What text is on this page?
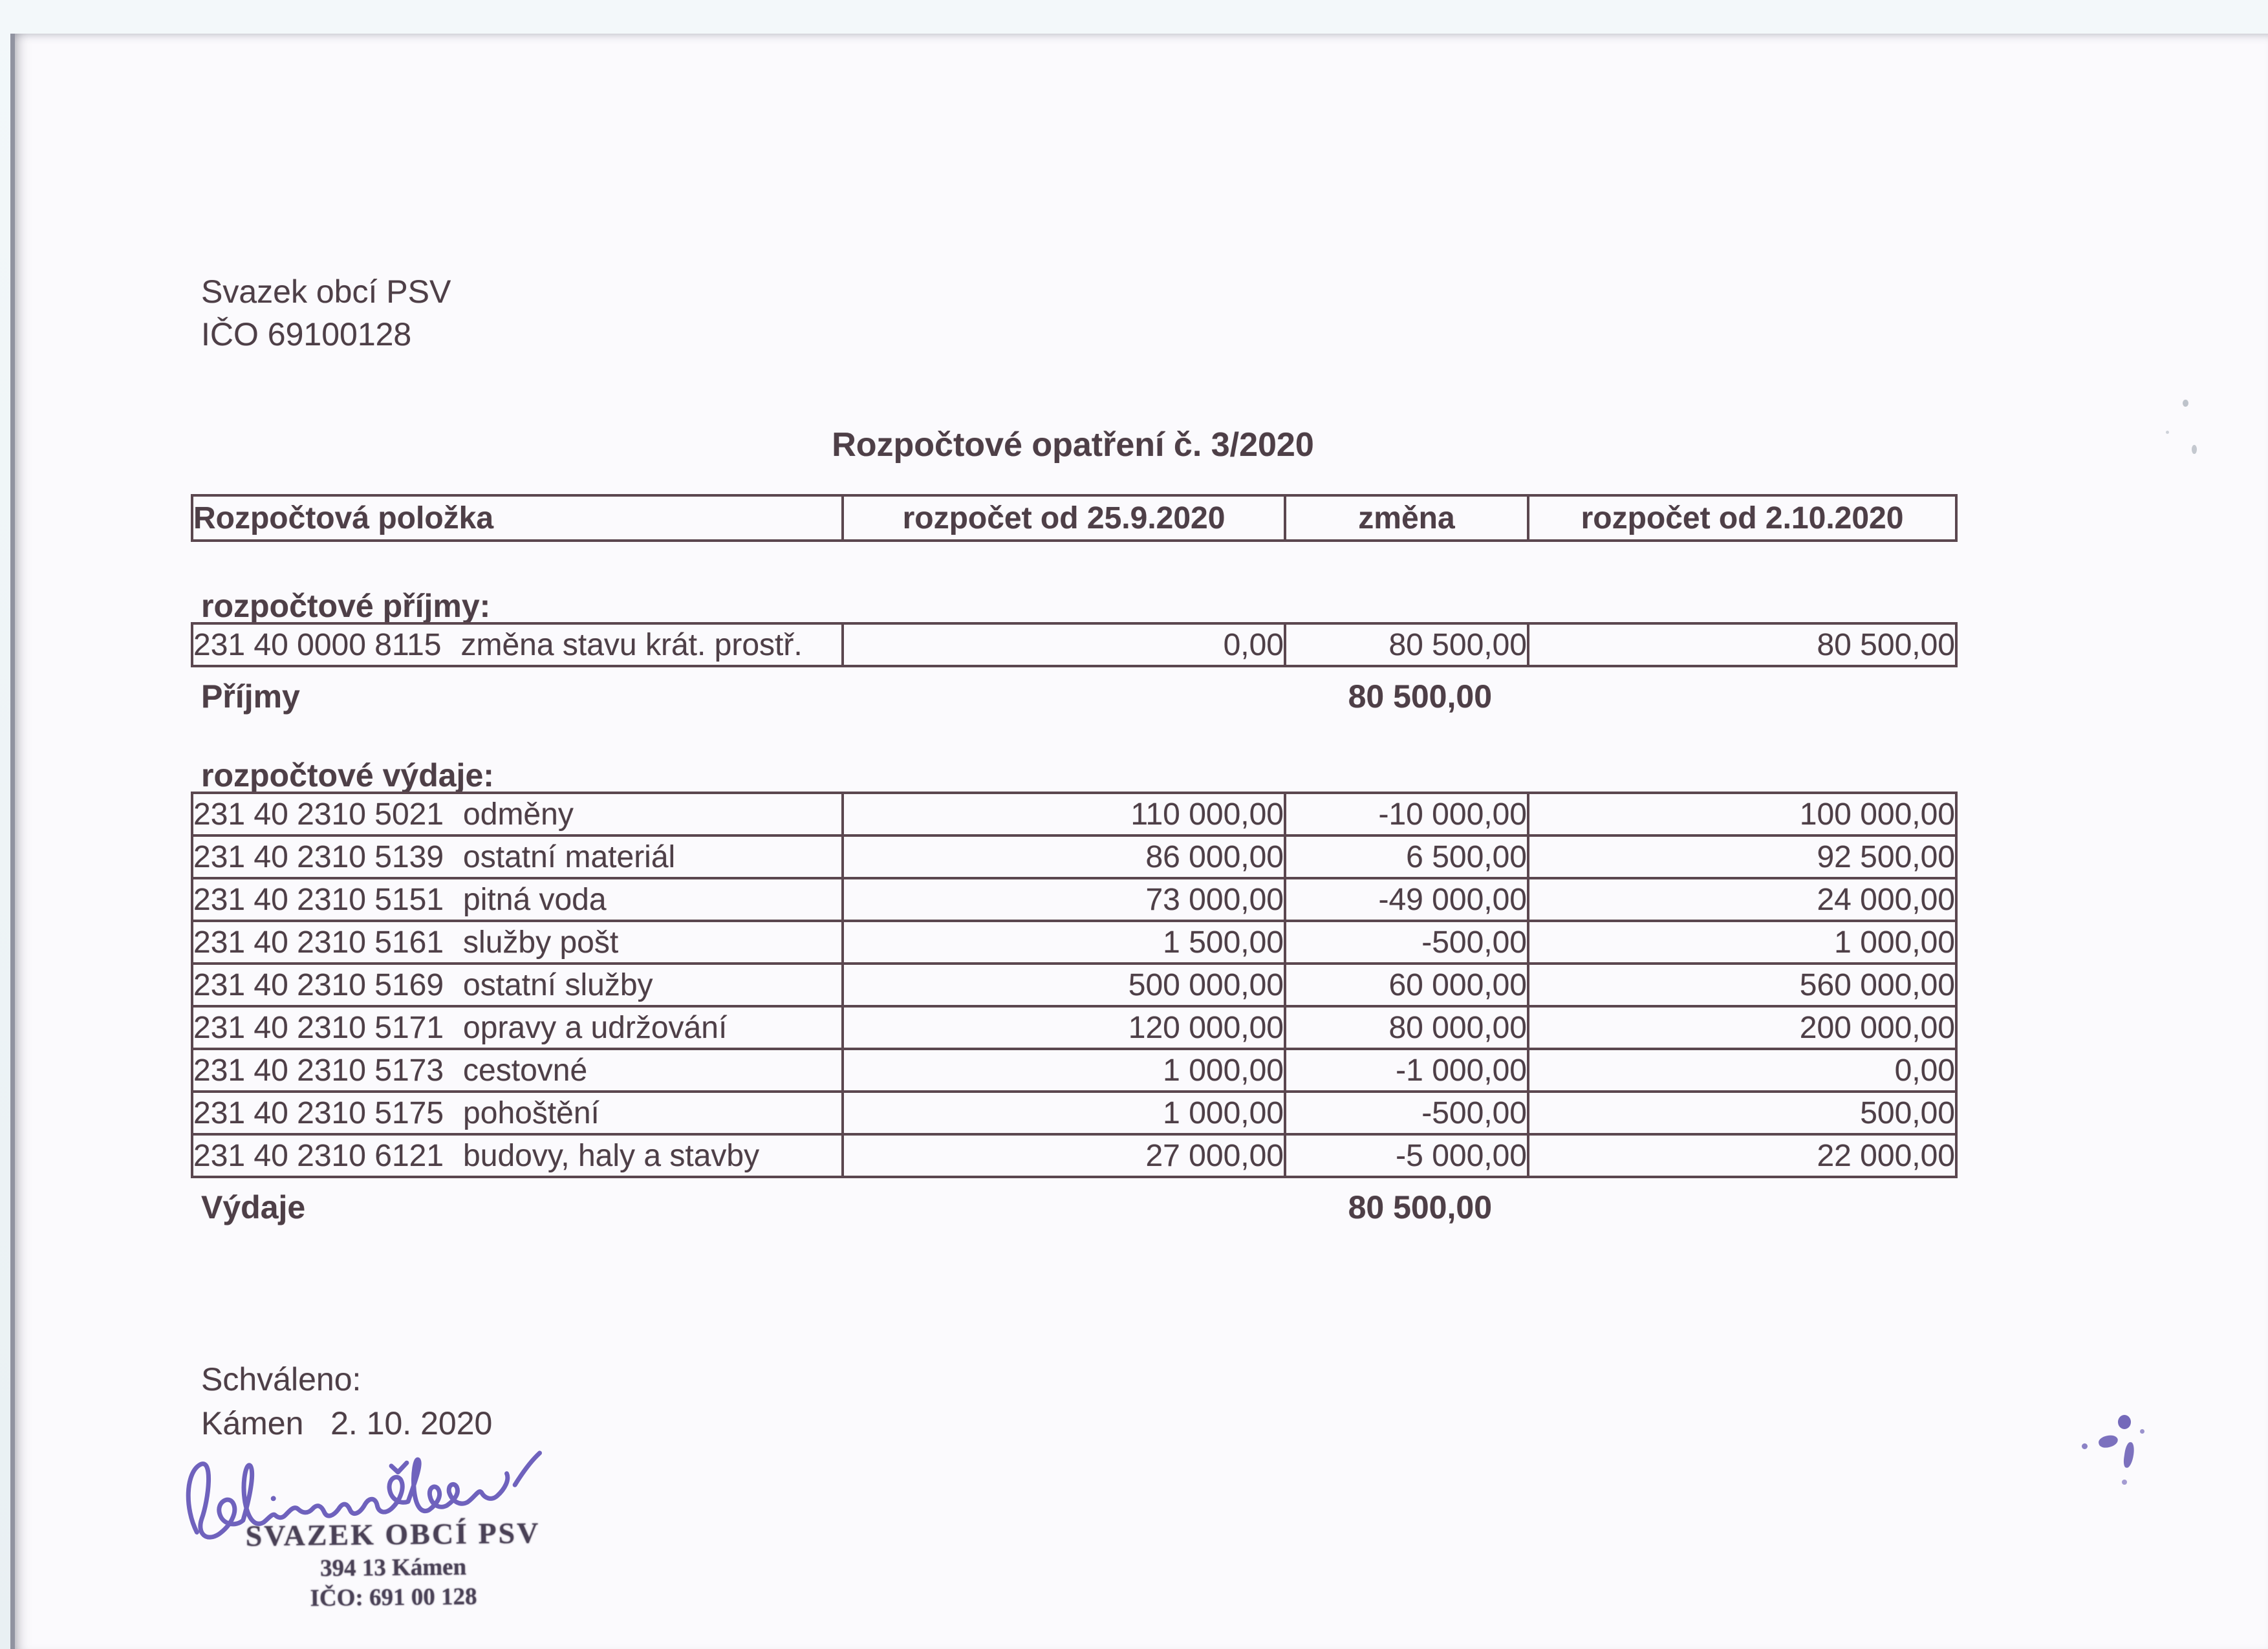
Svazek obcí PSV
IČO 69100128
Rozpočtové opatření č. 3/2020
Rozpočtová položka	rozpočet od 25.9.2020	změna	rozpočet od 2.10.2020
rozpočtové příjmy:
231 40 0000 8115 změna stavu krát. prostř.	0,00	80 500,00	80 500,00
Příjmy	80 500,00
rozpočtové výdaje:
231 40 2310 5021 odměny	110 000,00	-10 000,00	100 000,00
231 40 2310 5139 ostatní materiál	86 000,00	6 500,00	92 500,00
231 40 2310 5151 pitná voda	73 000,00	-49 000,00	24 000,00
231 40 2310 5161 služby pošt	1 500,00	-500,00	1 000,00
231 40 2310 5169 ostatní služby	500 000,00	60 000,00	560 000,00
231 40 2310 5171 opravy a udržování	120 000,00	80 000,00	200 000,00
231 40 2310 5173 cestovné	1 000,00	-1 000,00	0,00
231 40 2310 5175 pohoštění	1 000,00	-500,00	500,00
231 40 2310 6121 budovy, haly a stavby	27 000,00	-5 000,00	22 000,00
Výdaje	80 500,00
Schváleno:
Kámen   2. 10. 2020
SVAZEK OBCÍ PSV
394 13 Kámen
IČO: 691 00 128
